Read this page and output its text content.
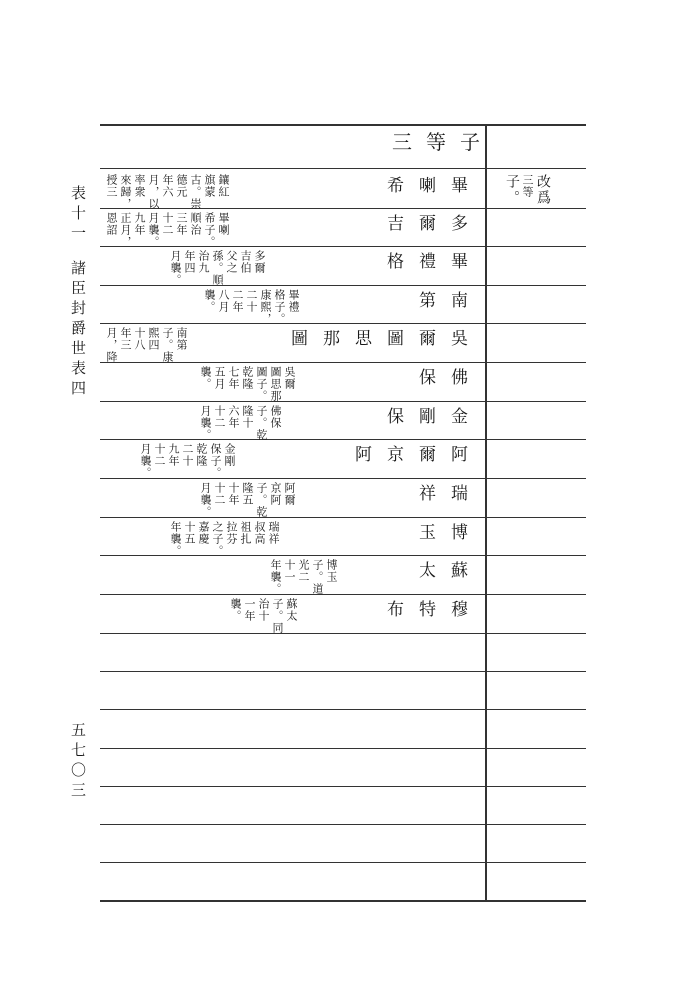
表十一
諸臣封爵世表四
五七〇三
三等子
改爲
三等
子。
畢
喇
希
鑲紅
旗蒙
古。崇
德元
年六
月，以
率衆
來歸，
授三
多
爾
吉
畢喇
希子。
順治
三年
十二
月襲。
九年
正月，
恩詔
畢
禮
格
多爾
吉伯
父之
孫。順
治九
年四
月襲。
南
第
畢禮
格子。
康熙，
二十
二年
八月
襲。
吳
爾
圖
思
那
圖
南第
子。康
熙四
十八
年三
月，降
佛
保
吳爾
圖思那
圖子。
乾隆
七年
五月
襲。
金
剛
保
佛保
子。乾
隆十
六年
十二
月襲。
阿
爾
京
阿
金剛
保子。
乾隆
二十
九年
十二
月襲。
瑞
祥
阿爾
京阿
子。乾
隆五
十年
十二
月襲。
博
玉
瑞祥
叔高
祖扎
拉芬
之子。
嘉慶
十五
年襲。
蘇
太
博玉
子。道
光二
十一
年襲。
穆
特
布
蘇太
子。同
治十
一年
襲。
